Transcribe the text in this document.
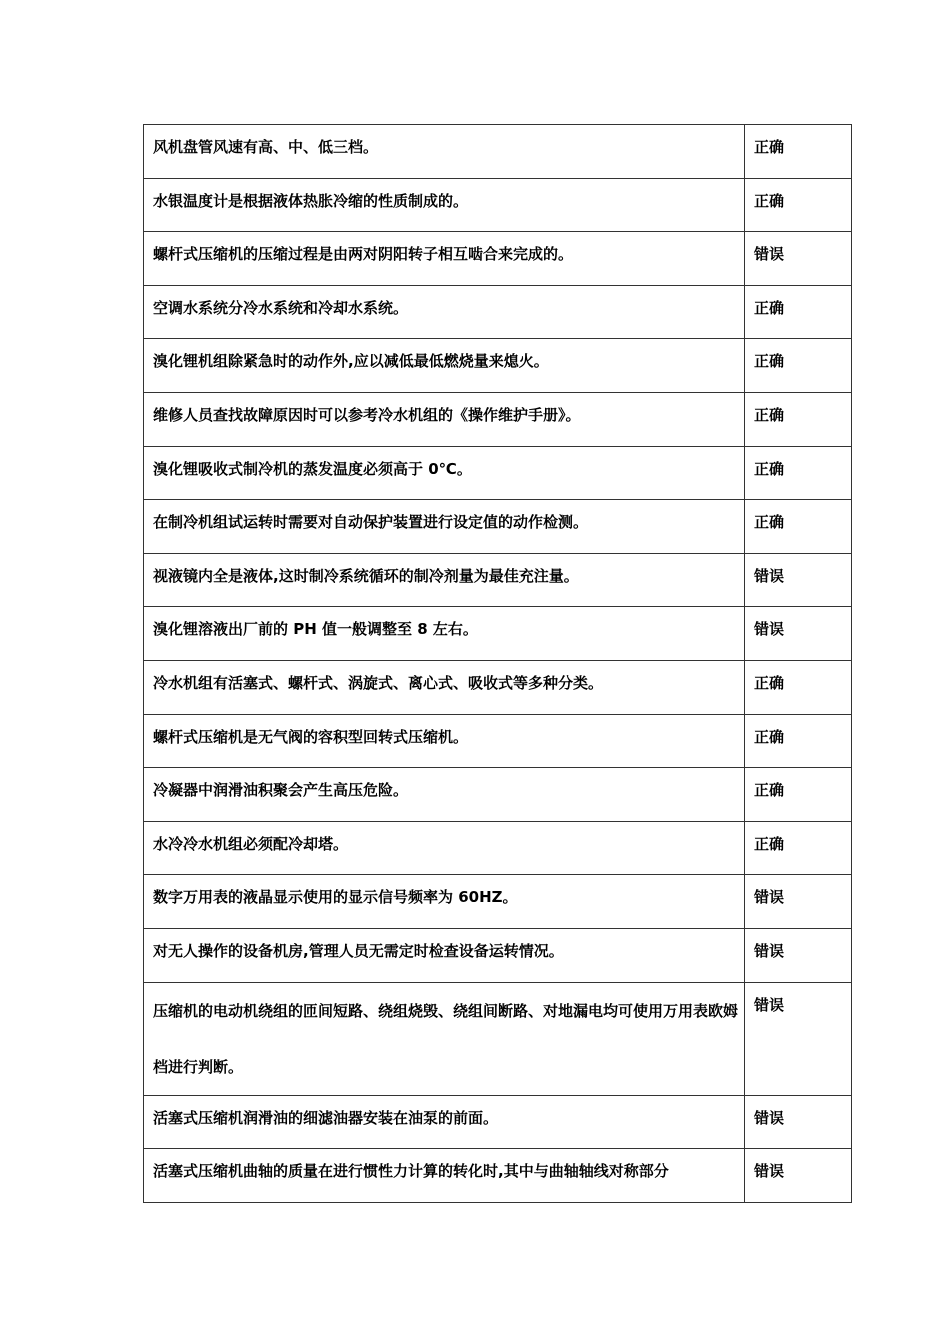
风机盘管风速有高、中、低三档。	正确
水银温度计是根据液体热胀冷缩的性质制成的。	正确
螺杆式压缩机的压缩过程是由两对阴阳转子相互啮合来完成的。	错误
空调水系统分冷水系统和冷却水系统。	正确
溴化锂机组除紧急时的动作外,应以减低最低燃烧量来熄火。	正确
维修人员查找故障原因时可以参考冷水机组的《操作维护手册》。	正确
溴化锂吸收式制冷机的蒸发温度必须高于 0℃。	正确
在制冷机组试运转时需要对自动保护装置进行设定值的动作检测。	正确
视液镜内全是液体,这时制冷系统循环的制冷剂量为最佳充注量。	错误
溴化锂溶液出厂前的 PH 值一般调整至 8 左右。	错误
冷水机组有活塞式、螺杆式、涡旋式、离心式、吸收式等多种分类。	正确
螺杆式压缩机是无气阀的容积型回转式压缩机。	正确
冷凝器中润滑油积聚会产生高压危险。	正确
水冷冷水机组必须配冷却塔。	正确
数字万用表的液晶显示使用的显示信号频率为 60HZ。	错误
对无人操作的设备机房,管理人员无需定时检查设备运转情况。	错误
压缩机的电动机绕组的匝间短路、绕组烧毁、绕组间断路、对地漏电均可使用万用表欧姆档进行判断。	错误
活塞式压缩机润滑油的细滤油器安装在油泵的前面。	错误
活塞式压缩机曲轴的质量在进行惯性力计算的转化时,其中与曲轴轴线对称部分	错误
